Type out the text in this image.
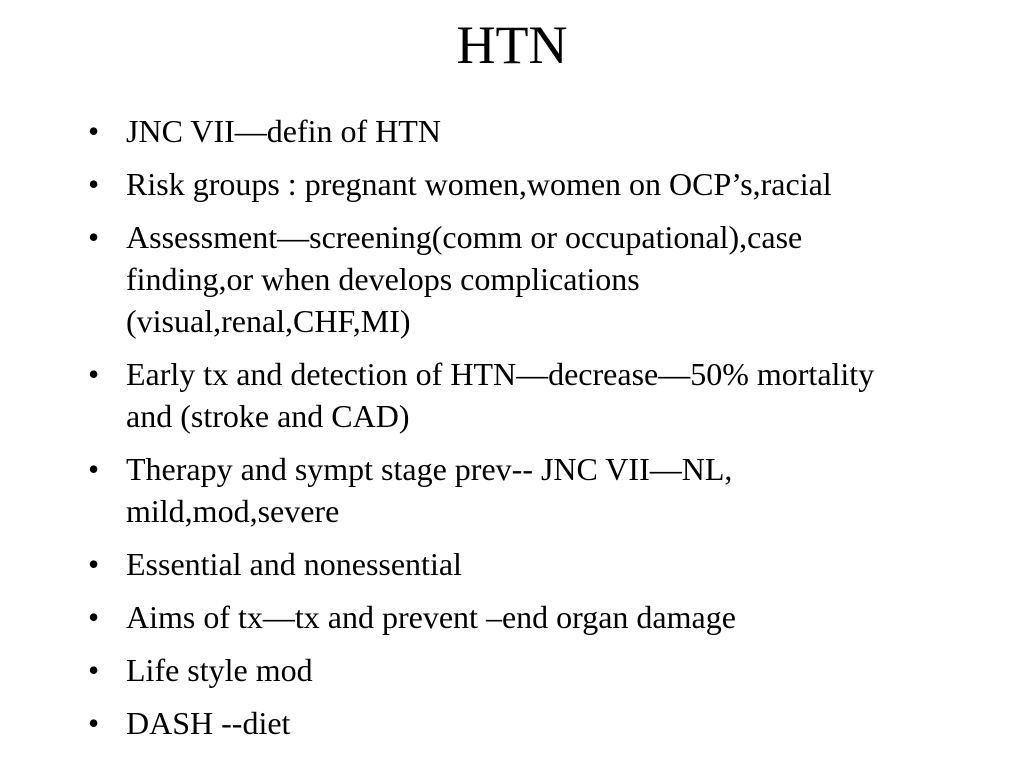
HTN
• JNC VII—defin of HTN
• Risk groups : pregnant women,women on OCP’s,racial
• Assessment—screening(comm or occupational),case finding,or when develops complications (visual,renal,CHF,MI)
• Early tx and detection of HTN—decrease—50% mortality and (stroke and CAD)
• Therapy and sympt stage prev-- JNC VII—NL, mild,mod,severe
• Essential and nonessential
• Aims of tx—tx and prevent –end organ damage
• Life style mod
• DASH --diet
